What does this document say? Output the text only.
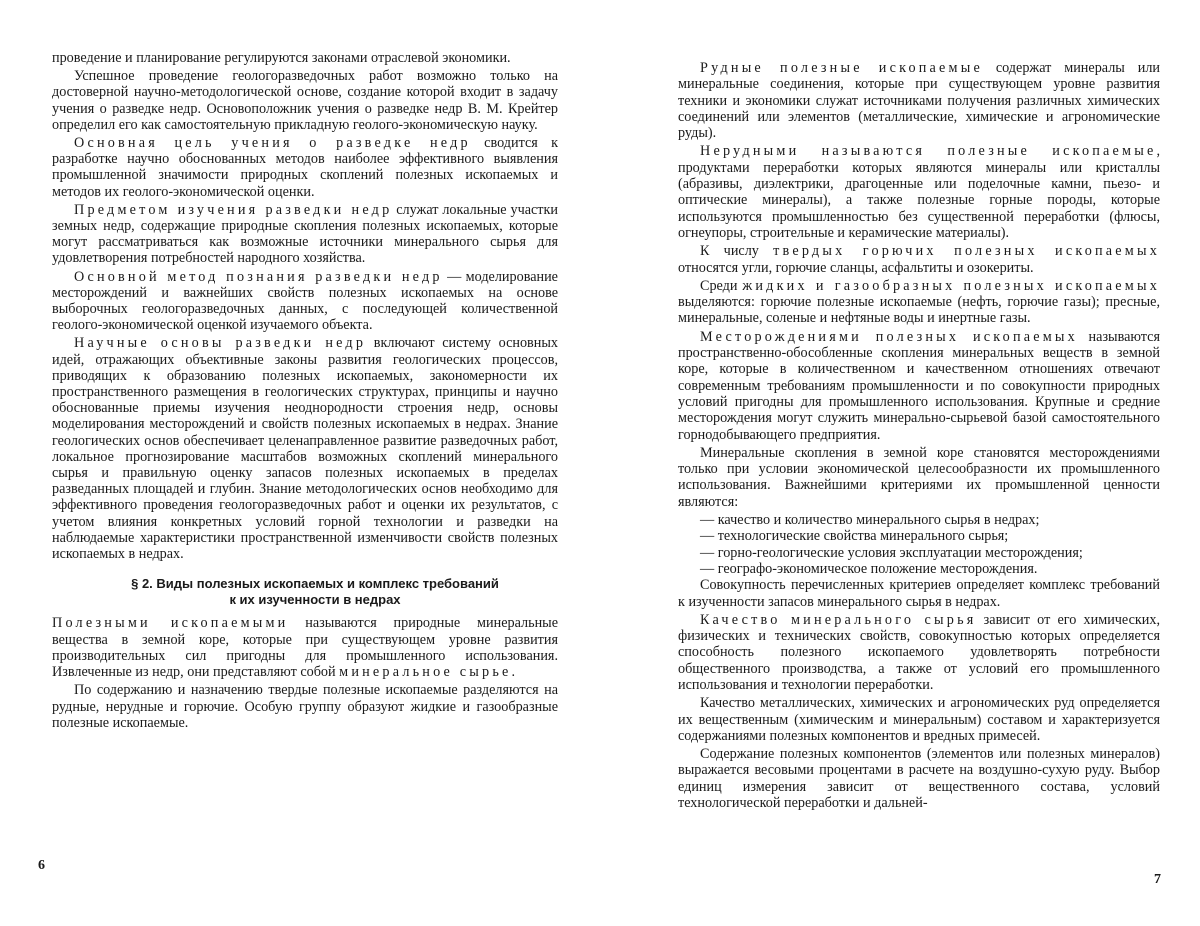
проведение и планирование регулируются законами отраслевой экономики.

Успешное проведение геологоразведочных работ возможно только на достоверной научно-методологической основе, создание которой входит в задачу учения о разведке недр. Основоположник учения о разведке недр В. М. Крейтер определил его как самостоятельную прикладную геолого-экономическую науку.

Основная цель учения о разведке недр сводится к разработке научно обоснованных методов наиболее эффективного выявления промышленной значимости природных скоплений полезных ископаемых и методов их геолого-экономической оценки.

Предметом изучения разведки недр служат локальные участки земных недр, содержащие природные скопления полезных ископаемых, которые могут рассматриваться как возможные источники минерального сырья для удовлетворения потребностей народного хозяйства.

Основной метод познания разведки недр — моделирование месторождений и важнейших свойств полезных ископаемых на основе выборочных геологоразведочных данных, с последующей количественной геолого-экономической оценкой изучаемого объекта.

Научные основы разведки недр включают систему основных идей, отражающих объективные законы развития геологических процессов, приводящих к образованию полезных ископаемых, закономерности их пространственного размещения в геологических структурах, принципы и научно обоснованные приемы изучения неоднородности строения недр, основы моделирования месторождений и свойств полезных ископаемых в недрах. Знание геологических основ обеспечивает целенаправленное развитие разведочных работ, локальное прогнозирование масштабов возможных скоплений минерального сырья и правильную оценку запасов полезных ископаемых в пределах разведанных площадей и глубин. Знание методологических основ необходимо для эффективного проведения геологоразведочных работ и оценки их результатов, с учетом влияния конкретных условий горной технологии и разведки на наблюдаемые характеристики пространственной изменчивости свойств полезных ископаемых в недрах.

§ 2. Виды полезных ископаемых и комплекс требований
к их изученности в недрах

Полезными ископаемыми называются природные минеральные вещества в земной коре, которые при существующем уровне развития производительных сил пригодны для промышленного использования. Извлеченные из недр, они представляют собой минеральное сырье.

По содержанию и назначению твердые полезные ископаемые разделяются на рудные, нерудные и горючие. Особую группу образуют жидкие и газообразные полезные ископаемые.

6

Рудные полезные ископаемые содержат минералы или минеральные соединения, которые при существующем уровне развития техники и экономики служат источниками получения различных химических соединений или элементов (металлические, химические и агрономические руды).

Нерудными называются полезные ископаемые, продуктами переработки которых являются минералы или кристаллы (абразивы, диэлектрики, драгоценные или поделочные камни, пьезо- и оптические минералы), а также полезные горные породы, которые используются промышленностью без существенной переработки (флюсы, огнеупоры, строительные и керамические материалы).

К числу твердых горючих полезных ископаемых относятся угли, горючие сланцы, асфальтиты и озокериты.

Среди жидких и газообразных полезных ископаемых выделяются: горючие полезные ископаемые (нефть, горючие газы); пресные, минеральные, соленые и нефтяные воды и инертные газы.

Месторождениями полезных ископаемых называются пространственно-обособленные скопления минеральных веществ в земной коре, которые в количественном и качественном отношениях отвечают современным требованиям промышленности и по совокупности природных условий пригодны для промышленного использования. Крупные и средние месторождения могут служить минерально-сырьевой базой самостоятельного горнодобывающего предприятия.

Минеральные скопления в земной коре становятся месторождениями только при условии экономической целесообразности их промышленного использования. Важнейшими критериями их промышленной ценности являются:

— качество и количество минерального сырья в недрах;
— технологические свойства минерального сырья;
— горно-геологические условия эксплуатации месторождения;
— географо-экономическое положение месторождения.

Совокупность перечисленных критериев определяет комплекс требований к изученности запасов минерального сырья в недрах.

Качество минерального сырья зависит от его химических, физических и технических свойств, совокупностью которых определяется способность полезного ископаемого удовлетворять потребности общественного производства, а также от условий его промышленного использования и технологии переработки.

Качество металлических, химических и агрономических руд определяется их вещественным (химическим и минеральным) составом и характеризуется содержаниями полезных компонентов и вредных примесей.

Содержание полезных компонентов (элементов или полезных минералов) выражается весовыми процентами в расчете на воздушно-сухую руду. Выбор единиц измерения зависит от вещественного состава, условий технологической переработки и дальней-

7
